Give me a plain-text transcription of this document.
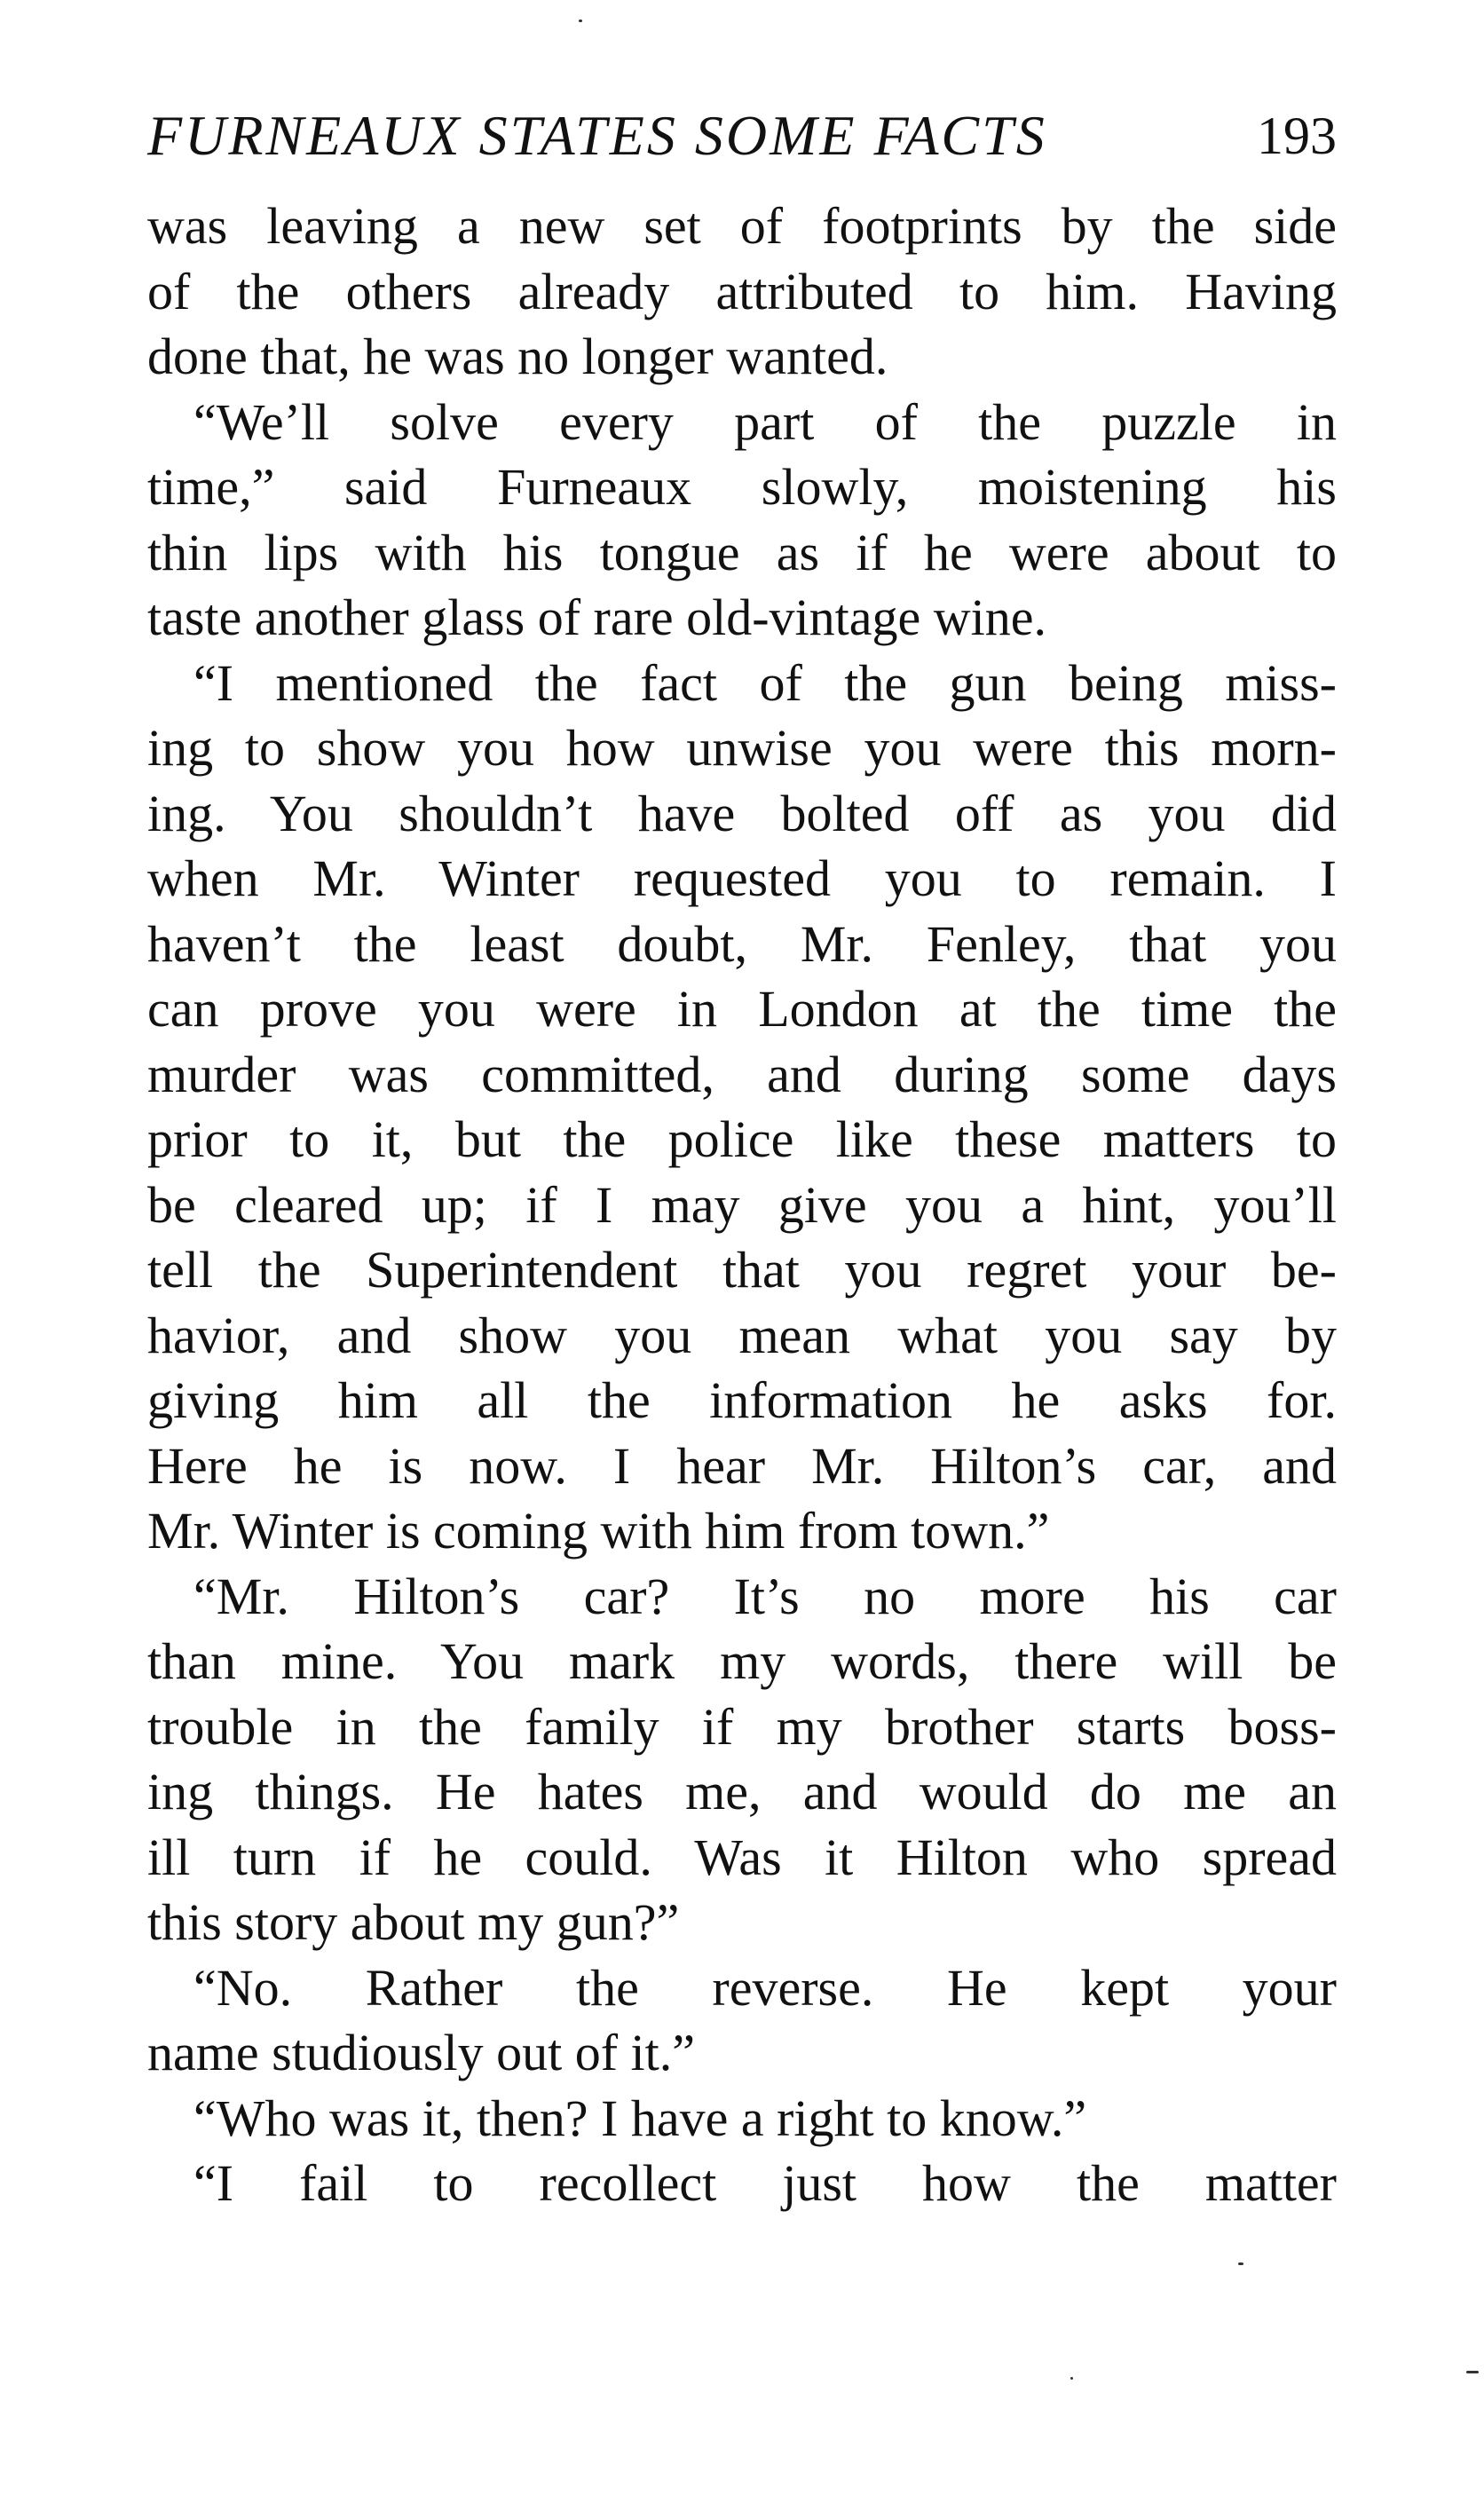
FURNEAUX STATES SOME FACTS	193
was leaving a new set of footprints by the side
of the others already attributed to him. Having
done that, he was no longer wanted.
“We’ll solve every part of the puzzle in
time,” said Furneaux slowly, moistening his
thin lips with his tongue as if he were about to
taste another glass of rare old-vintage wine.
“I mentioned the fact of the gun being miss-
ing to show you how unwise you were this morn-
ing. You shouldn’t have bolted off as you did
when Mr. Winter requested you to remain. I
haven’t the least doubt, Mr. Fenley, that you
can prove you were in London at the time the
murder was committed, and during some days
prior to it, but the police like these matters to
be cleared up; if I may give you a hint, you’ll
tell the Superintendent that you regret your be-
havior, and show you mean what you say by
giving him all the information he asks for.
Here he is now. I hear Mr. Hilton’s car, and
Mr. Winter is coming with him from town.”
“Mr. Hilton’s car? It’s no more his car
than mine. You mark my words, there will be
trouble in the family if my brother starts boss-
ing things. He hates me, and would do me an
ill turn if he could. Was it Hilton who spread
this story about my gun?”
“No. Rather the reverse. He kept your
name studiously out of it.”
“Who was it, then? I have a right to know.”
“I fail to recollect just how the matter
